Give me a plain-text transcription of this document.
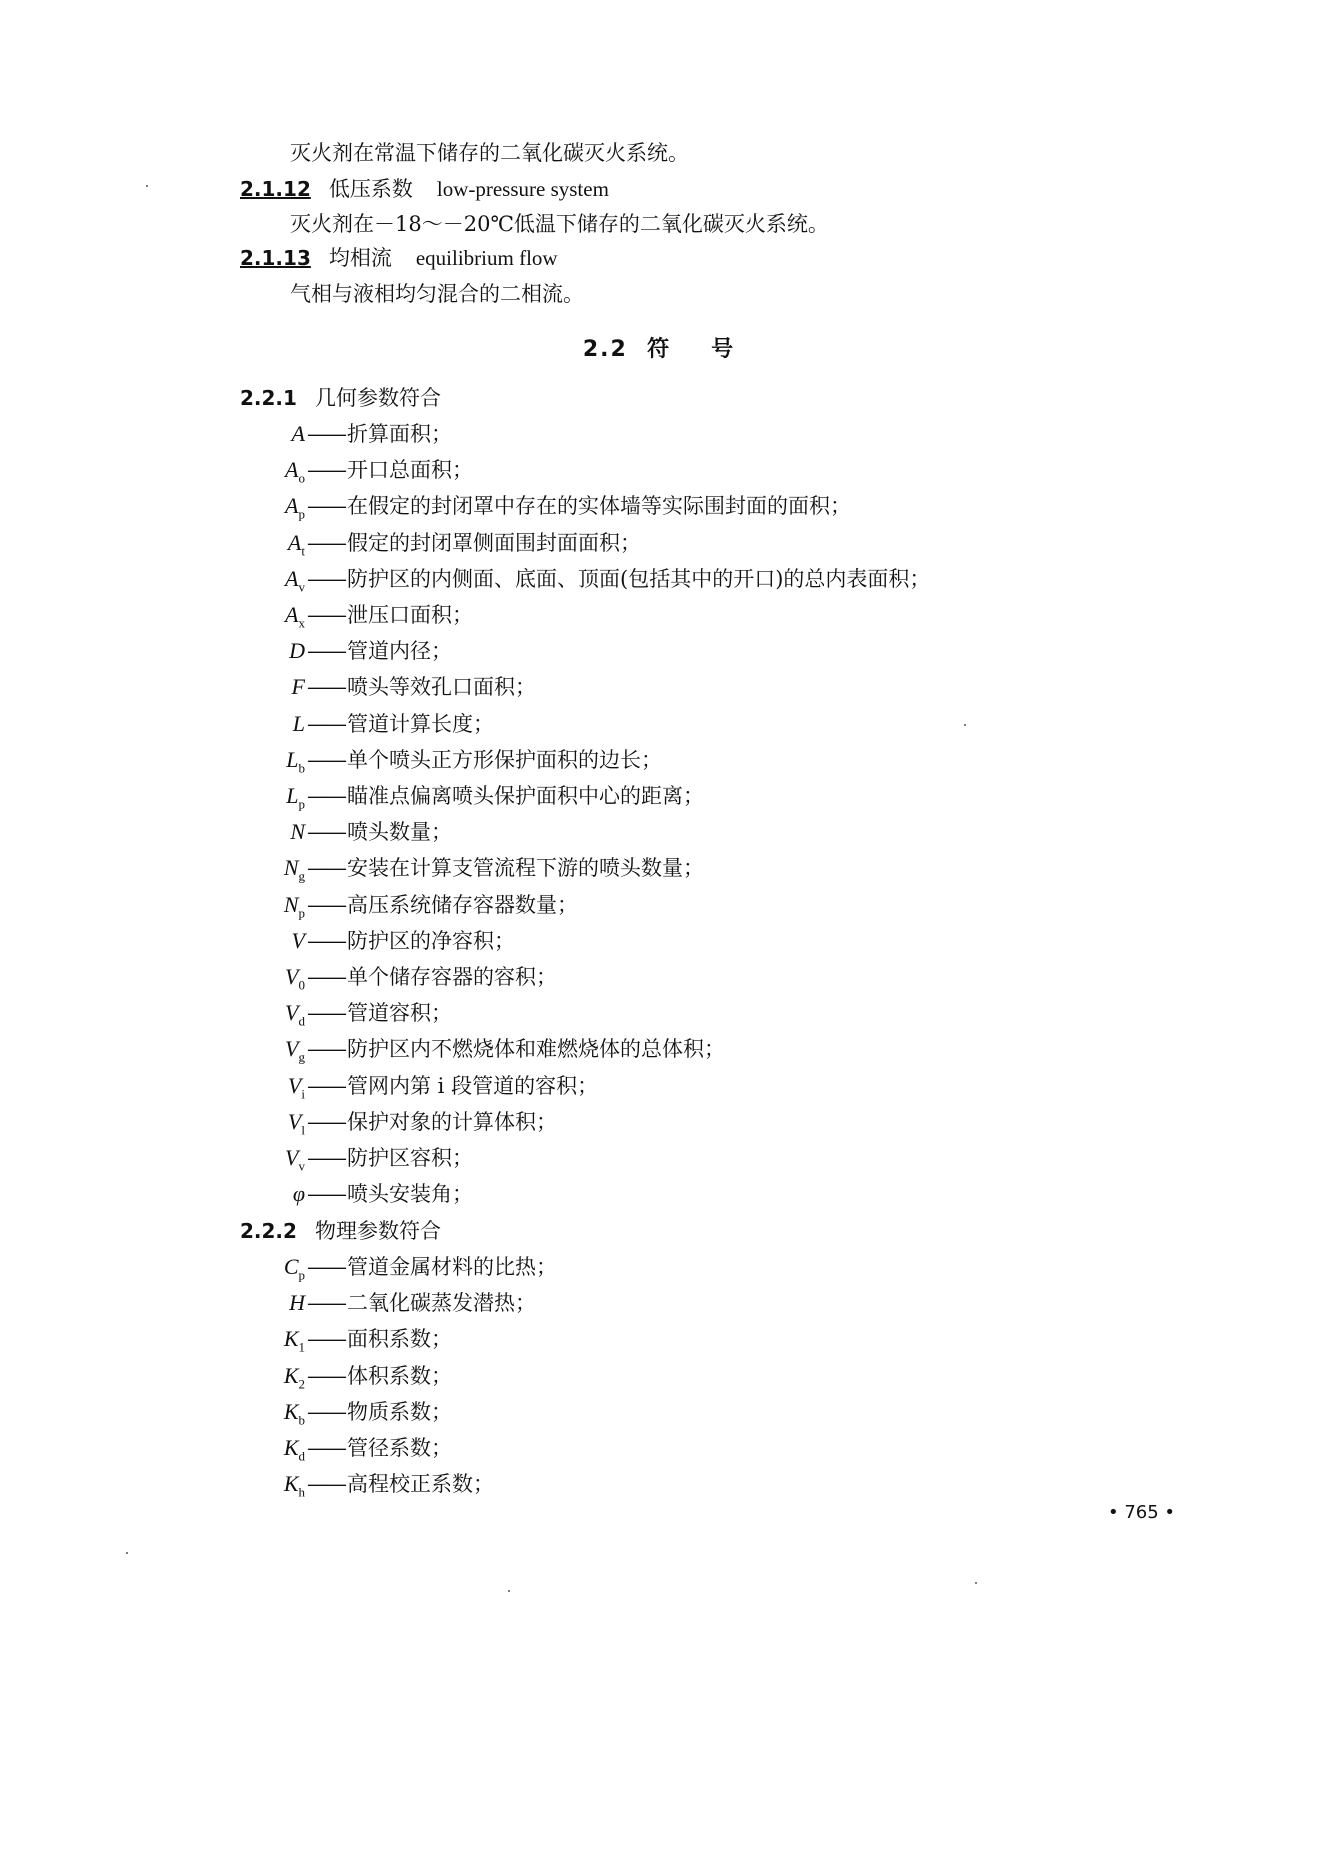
灭火剂在常温下储存的二氧化碳灭火系统。
2.1.12 低压系数 low-pressure system
灭火剂在－18～－20℃低温下储存的二氧化碳灭火系统。
2.1.13 均相流 equilibrium flow
气相与液相均匀混合的二相流。
2.2 符 号
2.2.1 几何参数符合
A——折算面积；
$A_o——$开口总面积；
$A_p——$在假定的封闭罩中存在的实体墙等实际围封面的面积；
$A_t——$假定的封闭罩侧面围封面面积；
$A_v——$防护区的内侧面、底面、顶面(包括其中的开口)的总内表面积；
$A_x——$泄压口面积；
D——管道内径；
F——喷头等效孔口面积；
L——管道计算长度；
$L_b——$单个喷头正方形保护面积的边长；
$L_p——$瞄准点偏离喷头保护面积中心的距离；
N——喷头数量；
$N_g——$安装在计算支管流程下游的喷头数量；
$N_p——$高压系统储存容器数量；
V——防护区的净容积；
$V_0——$单个储存容器的容积；
$V_d——$管道容积；
$V_g——$防护区内不燃烧体和难燃烧体的总体积；
$V_i——$管网内第 i 段管道的容积；
$V_l——$保护对象的计算体积；
$V_v——$防护区容积；
φ——喷头安装角；
2.2.2 物理参数符合
$C_p——$管道金属材料的比热；
H——二氧化碳蒸发潜热；
$K_1——$面积系数；
$K_2——$体积系数；
$K_b——$物质系数；
$K_d——$管径系数；
$K_h——$高程校正系数；
• 765 •
